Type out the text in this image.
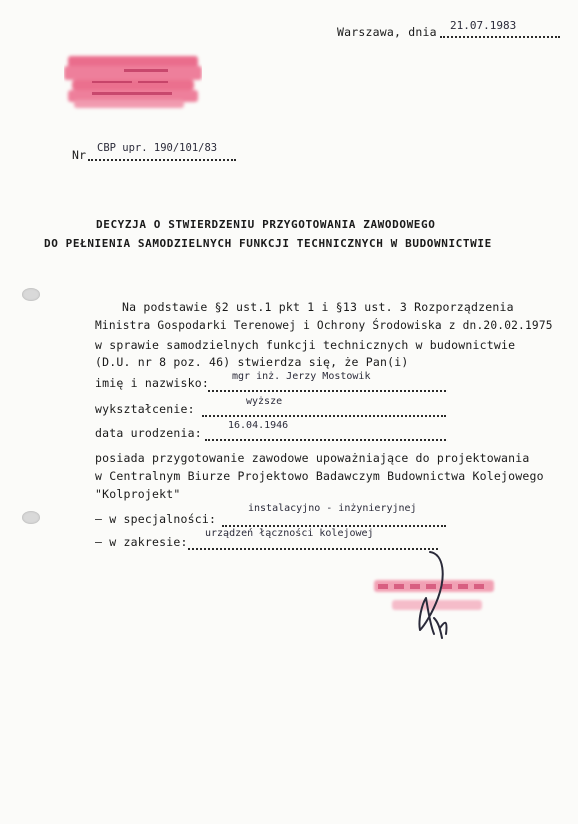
Warszawa, dnia 21.07.1983
Nr CBP upr. 190/101/83
DECYZJA O STWIERDZENIU PRZYGOTOWANIA ZAWODOWEGO
DO PEŁNIENIA SAMODZIELNYCH FUNKCJI TECHNICZNYCH W BUDOWNICTWIE
Na podstawie §2 ust.1 pkt 1 i §13 ust. 3 Rozporządzenia
Ministra Gospodarki Terenowej i Ochrony Środowiska z dn.20.02.1975
w sprawie samodzielnych funkcji technicznych w budownictwie
(D.U. nr 8 poz. 46) stwierdza się, że Pan(i)
imię i nazwisko: mgr inż. Jerzy Mostowik
wykształcenie:
wyższe
data urodzenia:
16.04.1946
posiada przygotowanie zawodowe upoważniające do projektowania
w Centralnym Biurze Projektowo Badawczym Budownictwa Kolejowego
"Kolprojekt"
– w specjalności:
instalacyjno - inżynieryjnej
– w zakresie:
urządzeń łączności kolejowej
